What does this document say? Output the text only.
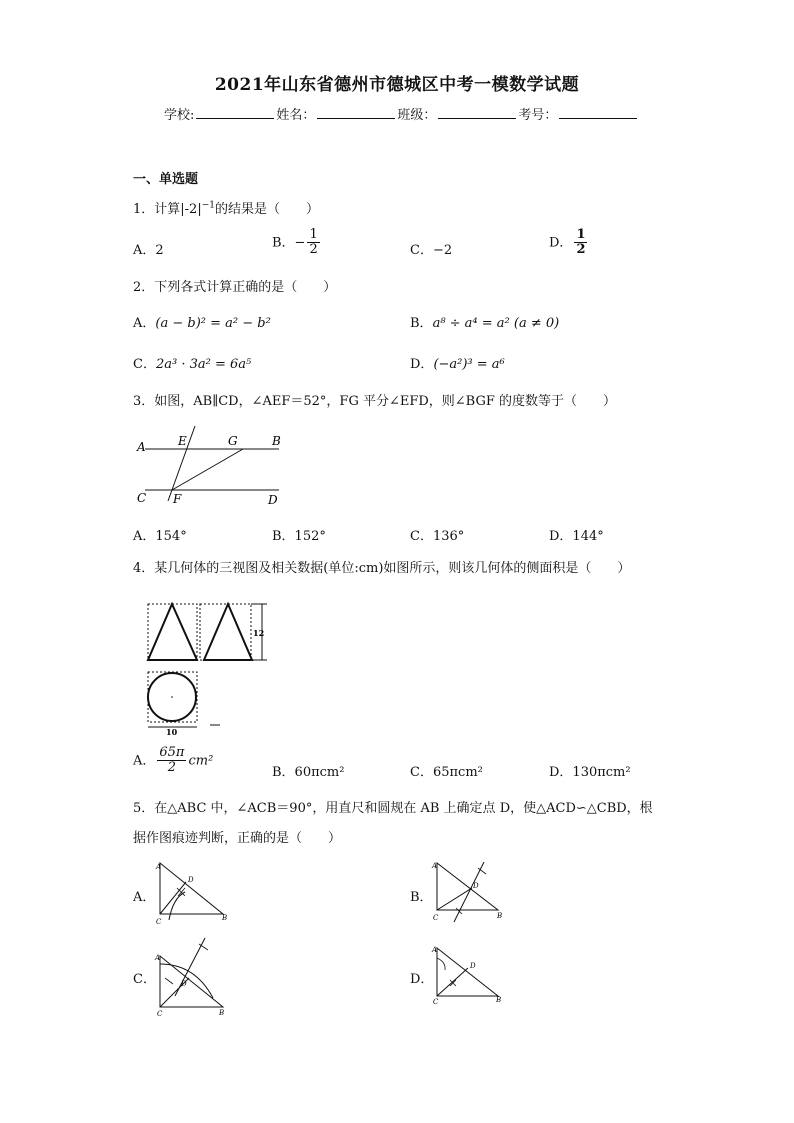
2021年山东省德州市德城区中考一模数学试题
学校:	姓名：	班级：	考号：
一、单选题
1．计算$|-2|^{-1}$的结果是（　　）
A．2
B．− $\frac{1}{2}$	C．−2
D． $\frac{1}{2}$
2．下列各式计算正确的是（　　）
A．(a − b)² = a² − b²	B．a⁸ ÷ a⁴ = a² (a ≠ 0)
C．2a³ · 3a² = 6a⁵	D．(−a²)³ = a⁶
3．如图，AB∥CD，∠AEF＝52°，FG 平分∠EFD，则∠BGF 的度数等于（　　）
A	E	G	B
C F	D
A．154°	B．152°	C．136°	D．144°
4．某几何体的三视图及相关数据(单位:cm)如图所示，则该几何体的侧面积是（　　）
12
10
A． $\frac{65\pi}{2} cm^2$
B．60πcm²	C．65πcm²	D．130πcm²
5．在△ABC 中，∠ACB＝90°，用直尺和圆规在 AB 上确定点 D，使△ACD∽△CBD，根
据作图痕迹判断，正确的是（　　）
A．
A
C	B
D
B．
A
C	B
D
C．
A
C	B
D	D．
A
C	B
D
